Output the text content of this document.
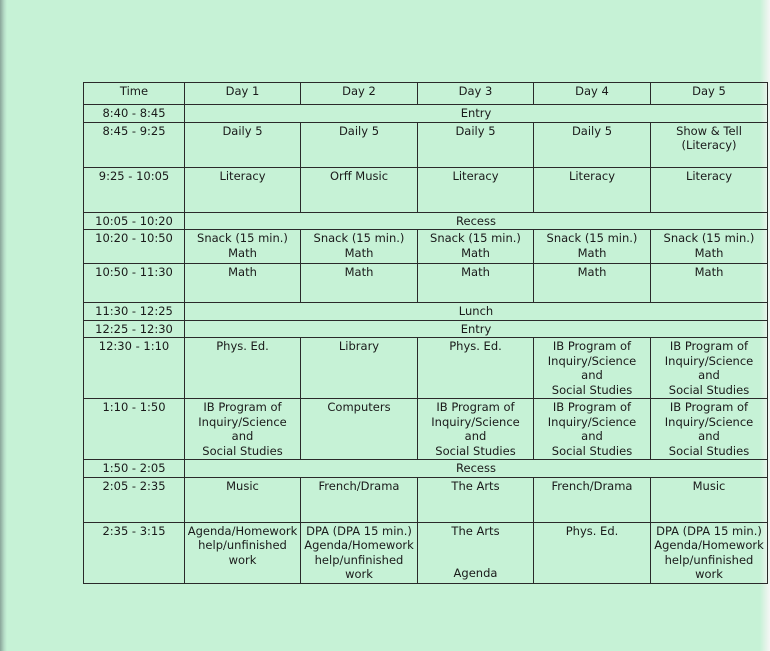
Time	Day 1	Day 2	Day 3	Day 4	Day 5
8:40 - 8:45	Entry				
8:45 - 9:25	Daily 5	Daily 5	Daily 5	Daily 5	Show & Tell
(Literacy)
9:25 - 10:05	Literacy	Orff Music	Literacy	Literacy	Literacy
10:05 - 10:20	Recess				
10:20 - 10:50	Snack (15 min.)
Math	Snack (15 min.)
Math	Snack (15 min.)
Math	Snack (15 min.)
Math	Snack (15 min.)
Math
10:50 - 11:30	Math	Math	Math	Math	Math
11:30 - 12:25	Lunch				
12:25 - 12:30	Entry				
12:30 - 1:10	Phys. Ed.	Library	Phys. Ed.	IB Program of
Inquiry/Science and
Social Studies	IB Program of
Inquiry/Science and
Social Studies
1:10 - 1:50	IB Program of
Inquiry/Science and
Social Studies	Computers	IB Program of
Inquiry/Science and
Social Studies	IB Program of
Inquiry/Science and
Social Studies	IB Program of
Inquiry/Science and
Social Studies
1:50 - 2:05	Recess				
2:05 - 2:35	Music	French/Drama	The Arts	French/Drama	Music
2:35 - 3:15	Agenda/Homework
help/unfinished
work	DPA (DPA 15 min.)
Agenda/Homework
help/unfinished
work	The Arts
Agenda	Phys. Ed.	DPA (DPA 15 min.)
Agenda/Homework
help/unfinished
work
